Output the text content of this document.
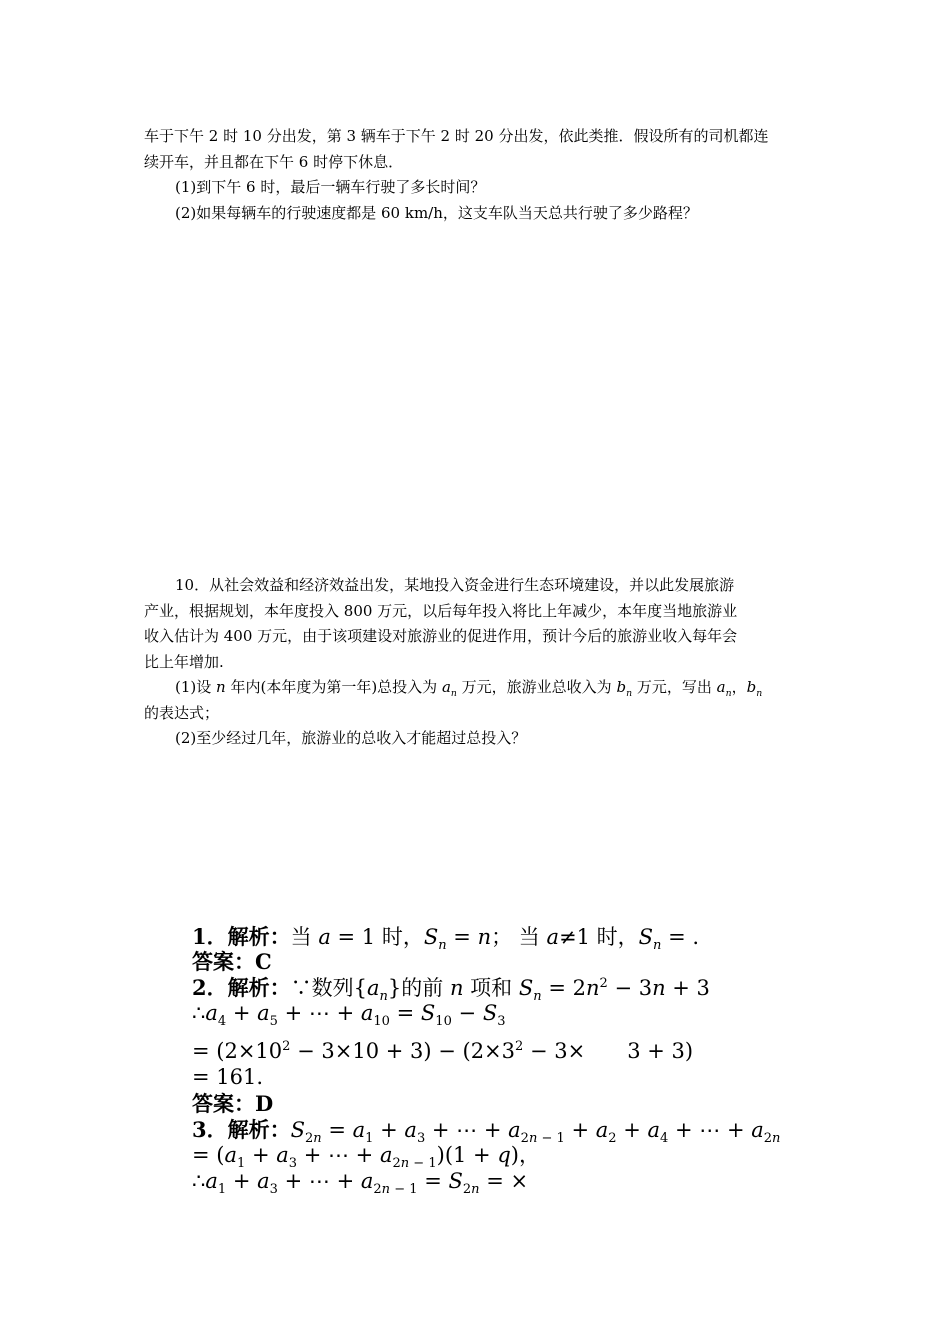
车于下午 2 时 10 分出发，第 3 辆车于下午 2 时 20 分出发，依此类推．假设所有的司机都连

续开车，并且都在下午 6 时停下休息．

(1)到下午 6 时，最后一辆车行驶了多长时间？

(2)如果每辆车的行驶速度都是 60 km/h，这支车队当天总共行驶了多少路程？

10．从社会效益和经济效益出发，某地投入资金进行生态环境建设，并以此发展旅游

产业，根据规划，本年度投入 800 万元，以后每年投入将比上年减少，本年度当地旅游业

收入估计为 400 万元，由于该项建设对旅游业的促进作用，预计今后的旅游业收入每年会

比上年增加.

(1)设 n 年内(本年度为第一年)总投入为 $a_n$ 万元，旅游业总收入为 $b_n$ 万元，写出 $a_n$，$b_n$

的表达式；

(2)至少经过几年，旅游业的总收入才能超过总投入？

1．解析：当 a = 1 时，$S_n = n$； 当 a≠1 时，$S_n$ = .

答案：C

2．解析：∵数列$\{a_n\}$的前 n 项和 $S_n = 2n^2 - 3n + 3$

$\therefore a_4 + a_5$ + ⋯ + $a_{10} = S_{10} - S_3$

= $(2\times 10^2 - 3\times 10 + 3) - (2\times 3^2 - 3\times$　　3 + 3)

= 161.

答案：D

3．解析：$S_{2n} = a_1 + a_3$ + ⋯ + $a_{2n - 1} + a_2 + a_4$ + ⋯ + $a_{2n}$

= ($a_1 + a_3$ + ⋯ + $a_{2n - 1})(1 + q)$，

$\therefore a_1 + a_3$ + ⋯ + $a_{2n - 1} = S_{2n}$ = ×
